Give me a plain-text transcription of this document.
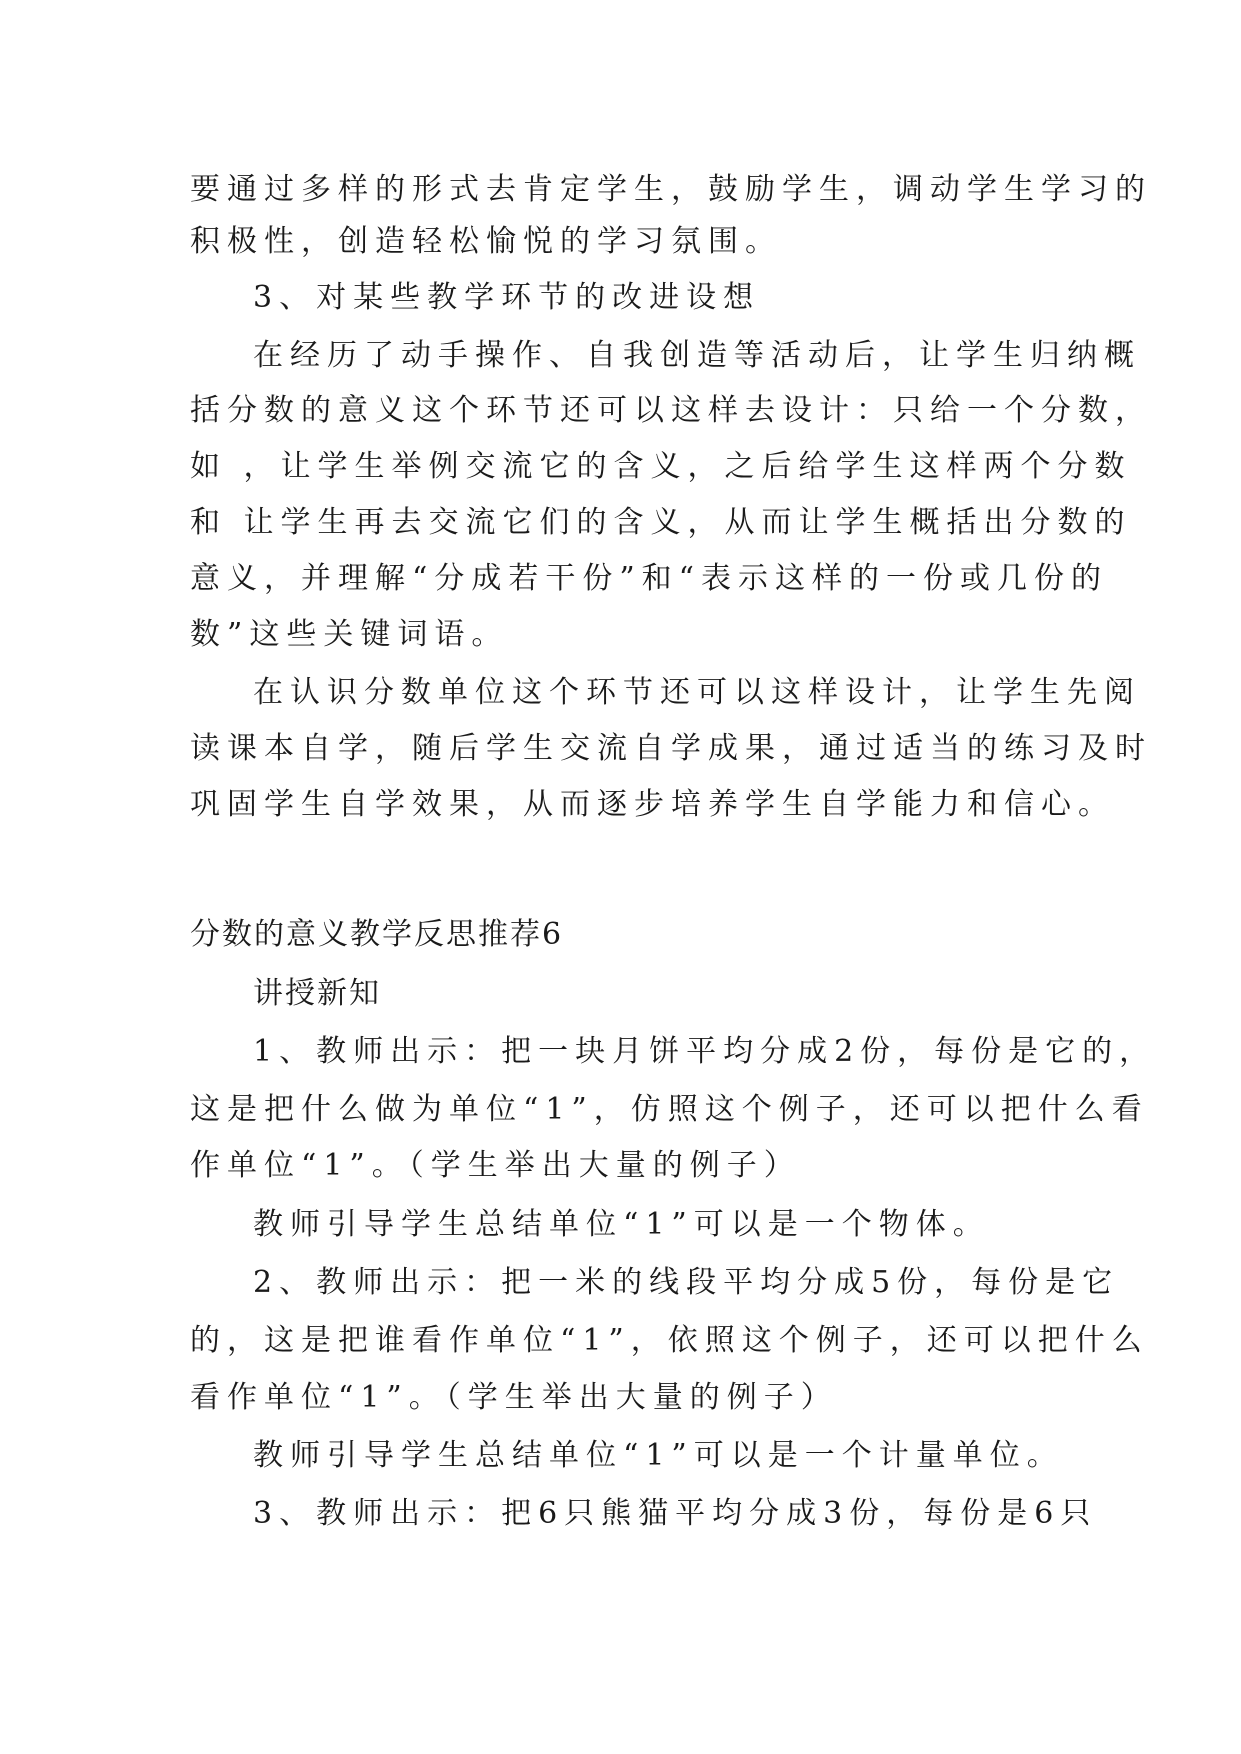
要通过多样的形式去肯定学生，鼓励学生，调动学生学习的
积极性，创造轻松愉悦的学习氛围。
3、对某些教学环节的改进设想
在经历了动手操作、自我创造等活动后，让学生归纳概
括分数的意义这个环节还可以这样去设计：只给一个分数，
如 ，让学生举例交流它的含义，之后给学生这样两个分数
和 让学生再去交流它们的含义，从而让学生概括出分数的
意义，并理解“分成若干份”和“表示这样的一份或几份的
数”这些关键词语。
在认识分数单位这个环节还可以这样设计，让学生先阅
读课本自学，随后学生交流自学成果，通过适当的练习及时
巩固学生自学效果，从而逐步培养学生自学能力和信心。
分数的意义教学反思推荐6
讲授新知
1、教师出示：把一块月饼平均分成2份，每份是它的，
这是把什么做为单位“1”，仿照这个例子，还可以把什么看
作单位“1”。（学生举出大量的例子）
教师引导学生总结单位“1”可以是一个物体。
2、教师出示：把一米的线段平均分成5份，每份是它
的，这是把谁看作单位“1”，依照这个例子，还可以把什么
看作单位“1”。（学生举出大量的例子）
教师引导学生总结单位“1”可以是一个计量单位。
3、教师出示：把6只熊猫平均分成3份，每份是6只
